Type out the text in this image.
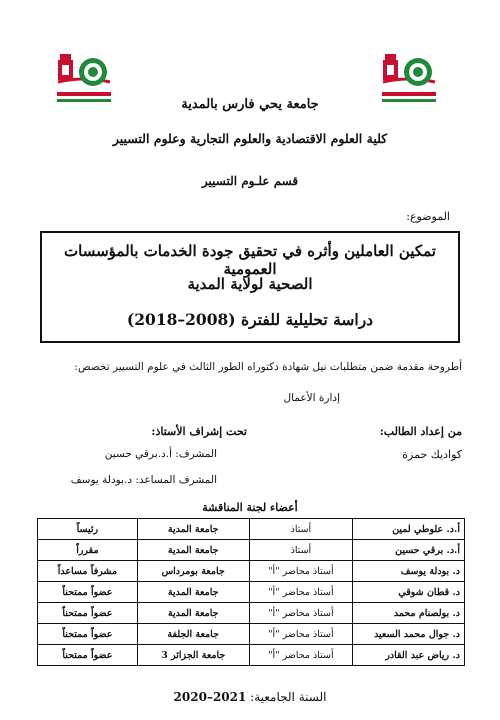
جامعة يحي فارس بالمدية
كلية العلوم الاقتصادية والعلوم التجارية وعلوم التسيير
قسم علـوم التسيير
الموضوع:
تمكين العاملين وأثره في تحقيق جودة الخدمات بالمؤسسات العمومية
الصحية لولاية المدية
دراسة تحليلية للفترة (2008–2018)
أطروحة مقدمة ضمن متطلبات نيل شهادة دكتوراه الطور الثالث في علوم التسيير تخصص:
إدارة الأعمال
من إعداد الطالب:
تحت إشراف الأستاذ:
كواديك حمزة
المشرف: أ.د.برقي حسين
المشرف المساعد: د.بودلة يوسف
أعضاء لجنة المناقشة
أ.د. علوطي لمين	أستاذ	جامعة المدية	رئيساً
أ.د. برقي حسين	أستاذ	جامعة المدية	مقرراً
د. بودلة يوسف	أستاذ محاضر "أ"	جامعة بومرداس	مشرفاً مساعداً
د. قطان شوقي	أستاذ محاضر "أ"	جامعة المدية	عضواً ممتحناً
د. بولصنام محمد	أستاذ محاضر "أ"	جامعة المدية	عضواً ممتحناً
د. جوال محمد السعيد	أستاذ محاضر "أ"	جامعة الجلفة	عضواً ممتحناً
د. رياض عبد القادر	أستاذ محاضر "أ"	جامعة الجزائر 3	عضواً ممتحناً
السنة الجامعية: 2021–2020
